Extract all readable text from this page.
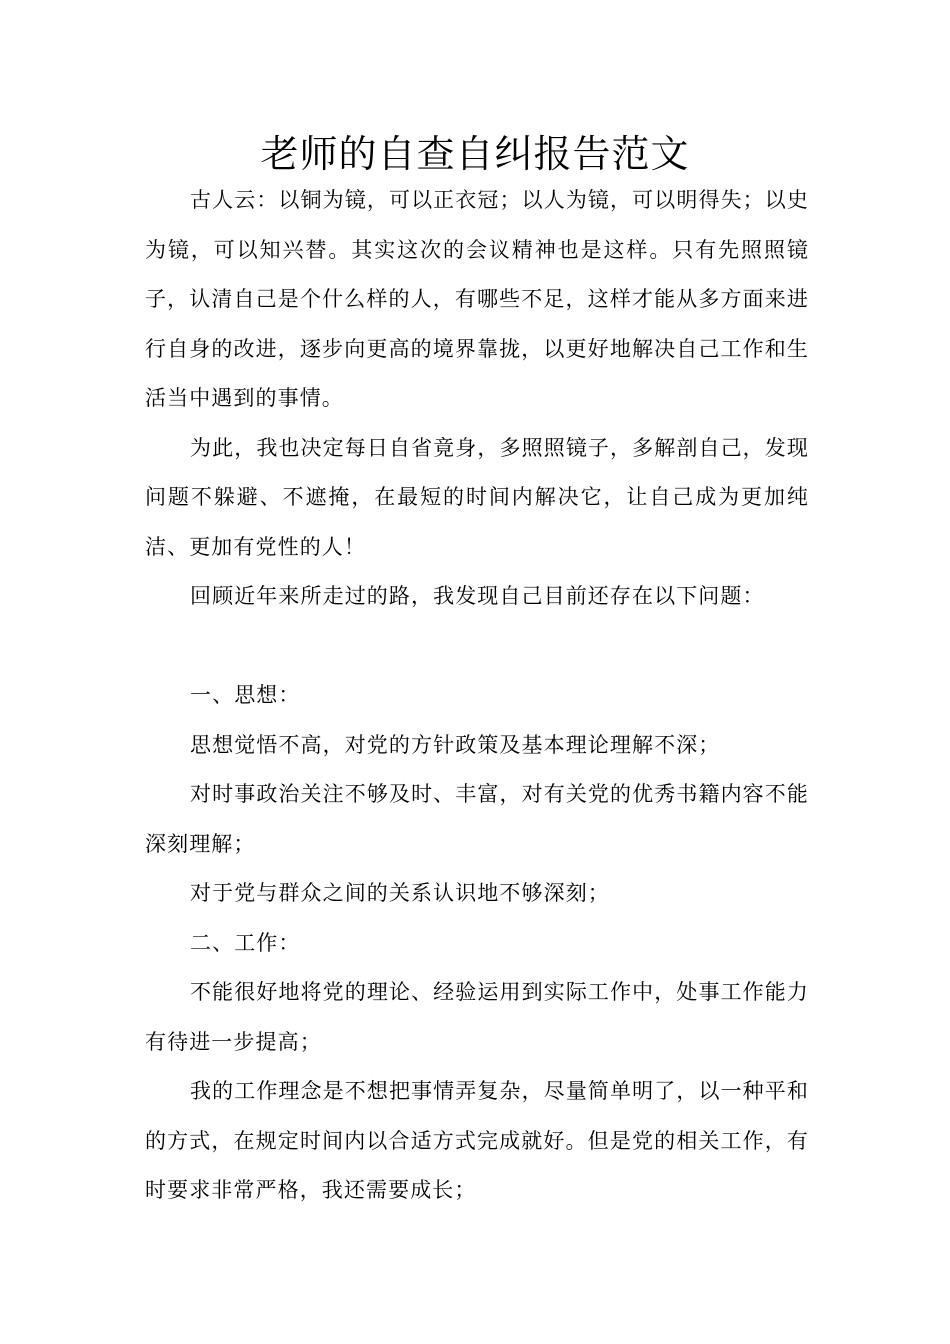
老师的自查自纠报告范文

古人云：以铜为镜，可以正衣冠；以人为镜，可以明得失；以史为镜，可以知兴替。其实这次的会议精神也是这样。只有先照照镜子，认清自己是个什么样的人，有哪些不足，这样才能从多方面来进行自身的改进，逐步向更高的境界靠拢，以更好地解决自己工作和生活当中遇到的事情。

为此，我也决定每日自省竟身，多照照镜子，多解剖自己，发现问题不躲避、不遮掩，在最短的时间内解决它，让自己成为更加纯洁、更加有党性的人！

回顾近年来所走过的路，我发现自己目前还存在以下问题：

一、思想：

思想觉悟不高，对党的方针政策及基本理论理解不深；

对时事政治关注不够及时、丰富，对有关党的优秀书籍内容不能深刻理解；

对于党与群众之间的关系认识地不够深刻；

二、工作：

不能很好地将党的理论、经验运用到实际工作中，处事工作能力有待进一步提高；

我的工作理念是不想把事情弄复杂，尽量简单明了，以一种平和的方式，在规定时间内以合适方式完成就好。但是党的相关工作，有时要求非常严格，我还需要成长；
